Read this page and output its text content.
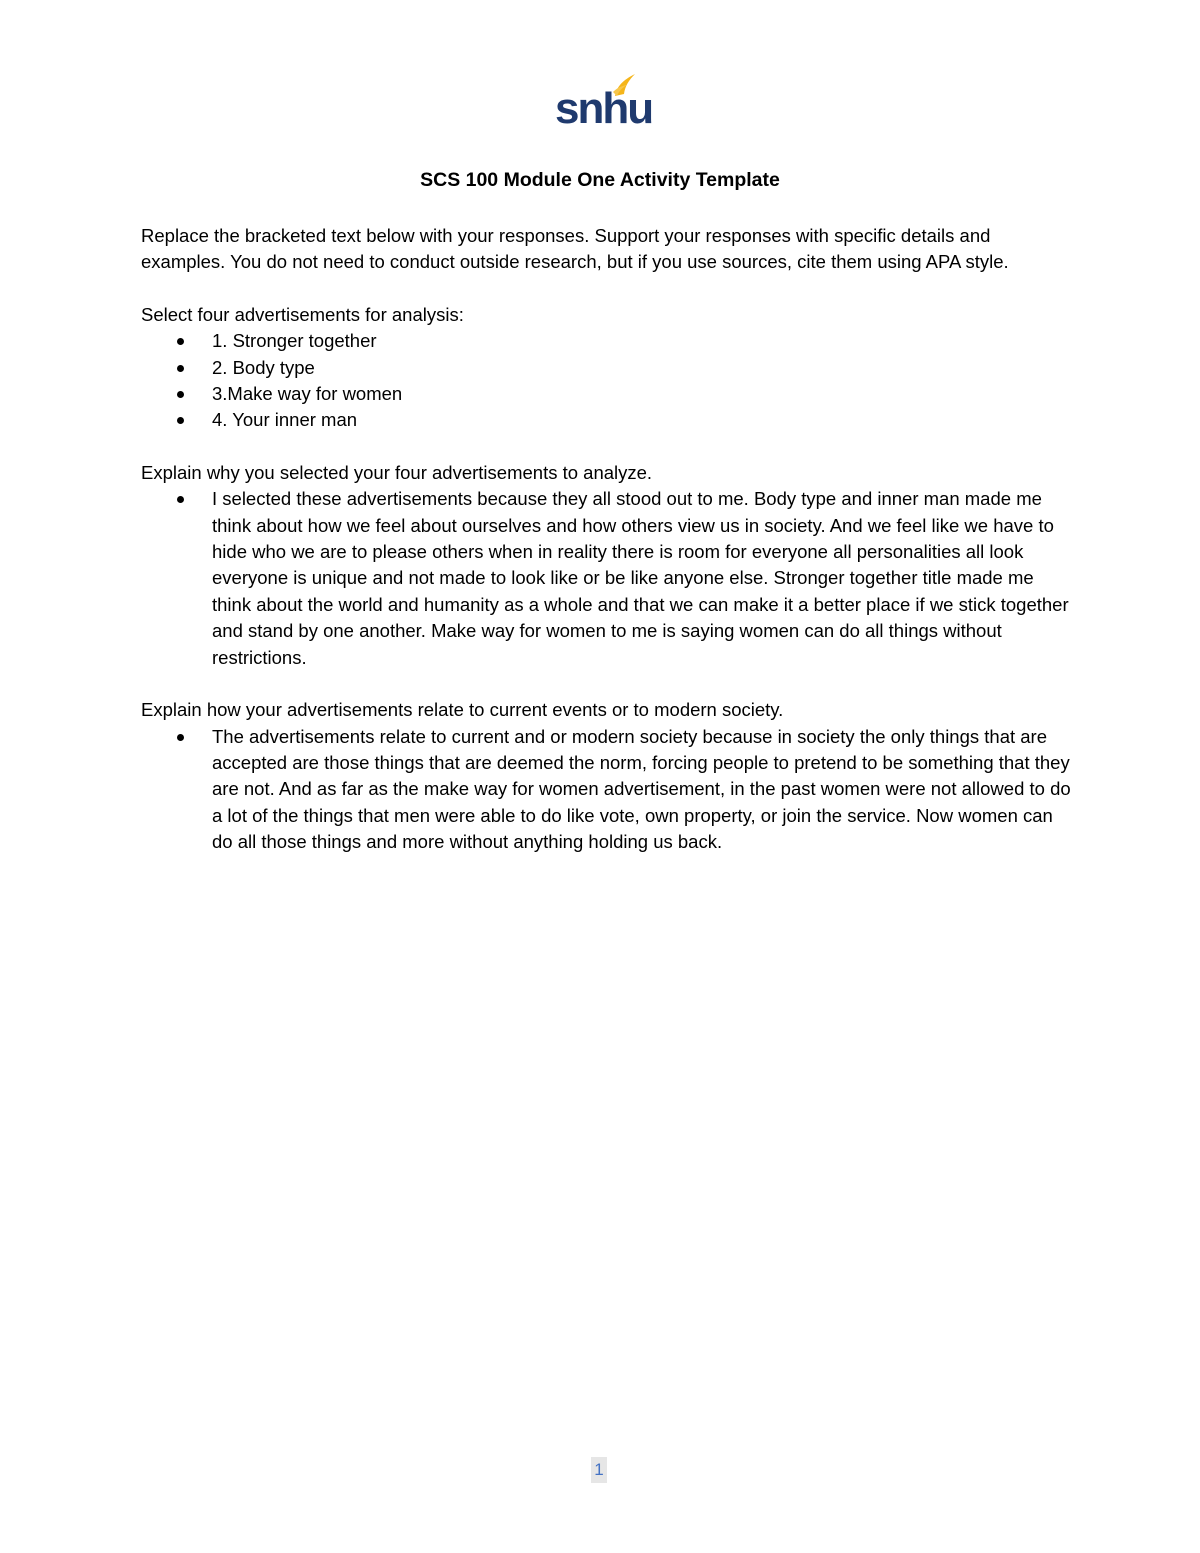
snhu
SCS 100 Module One Activity Template

Replace the bracketed text below with your responses. Support your responses with specific details and examples. You do not need to conduct outside research, but if you use sources, cite them using APA style.

Select four advertisements for analysis:

1. Stronger together
2. Body type
3.Make way for women
4. Your inner man

Explain why you selected your four advertisements to analyze.

I selected these advertisements because they all stood out to me. Body type and inner man made me think about how we feel about ourselves and how others view us in society. And we feel like we have to hide who we are to please others when in reality there is room for everyone all personalities all look everyone is unique and not made to look like or be like anyone else. Stronger together title made me think about the world and humanity as a whole and that we can make it a better place if we stick together and stand by one another. Make way for women to me is saying women can do all things without restrictions.

Explain how your advertisements relate to current events or to modern society.

The advertisements relate to current and or modern society because in society the only things that are accepted are those things that are deemed the norm, forcing people to pretend to be something that they are not. And as far as the make way for women advertisement, in the past women were not allowed to do a lot of the things that men were able to do like vote, own property, or join the service. Now women can do all those things and more without anything holding us back.
1
